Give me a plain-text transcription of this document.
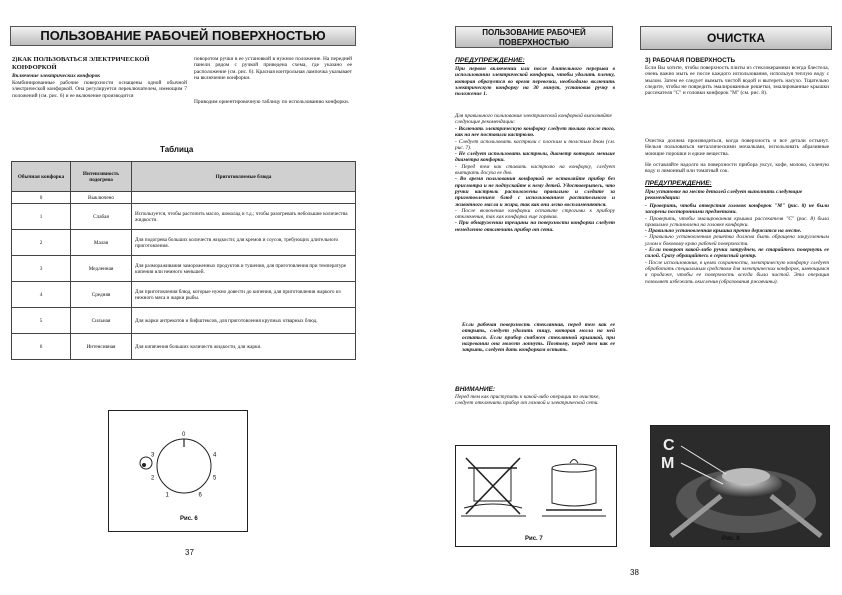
ПОЛЬЗОВАНИЕ РАБОЧЕЙ ПОВЕРХНОСТЬЮ
2)КАК ПОЛЬЗОВАТЬСЯ ЭЛЕКТРИЧЕСКОЙ КОНФОРКОЙ
Включение электрических конфорок
Комбинированные рабочие поверхности оснащены одной обычной электрической конфоркой. Она регулируется переключателем, имеющим 7 положений (см. рис. 6) и ее включение производится
поворотом ручки в ее установкой в нужное положение. На передней панели рядом с ручкой приведена схема, где указано ее расположение (см. рис. 6). Красная контрольная лампочка указывает на включение конфорки.
Приводим ориентировочную таблицу по использованию конфорки.
Таблица
Обычная конфорка	Интенсивность подогрева	Приготовляемые блюда
0	Выключено	
1	Слабая	Используется, чтобы растопить масло, шоколад и т.д.; чтобы разогревать небольшие количества жидкости.
2	Малая	Для подогрева больших количеств жидкости; для кремов и соусов, требующих длительного приготовления.
3	Медленная	Для размораживания замороженных продуктов и тушения, для приготовления при температуре кипения или немного меньшей.
4	Средняя	Для приготовления блюд, которые нужно довести до кипения, для приготовления жаркого из нежного мяса и жарки рыбы.
5	Сильная	Для жарки антрекотов и бифштексов, для приготовления крупных отварных блюд.
6	Интенсивная	Для кипячения больших количеств жидкости, для жарки.
1
2
3	4
5
6
0
Рис. 6
37
ПОЛЬЗОВАНИЕ РАБОЧЕЙ ПОВЕРХНОСТЬЮ
ПРЕДУПРЕЖДЕНИЕ:
При первом включении или после длительного перерыва в использовании электрической конфорки, чтобы удалить пленку, которая образуется во время перевозки, необходимо включить электрическую конфорку на 30 минут, установив ручку в положение 1.
Для правильного пользования электрической конфоркой выполняйте следующие рекомендации:

- Включать электрическую конфорку следует только после того, как на нее поставили кастрюлю.

- Следует использовать кастрюли с плоским и толстым дном (см. рис. 7).

- Не следует использовать кастрюли, диаметр которых меньше диаметра конфорки.

- Перед тем как ставить кастрюлю на конфорку, следует вытирать досуха ее дно.

- Во время пользования конфоркой не оставляйте прибор без присмотра и не подпускайте к нему детей. Удостоверьтесь, что ручки кастрюль расположены правильно и следите за приготовлением блюд с использованием растительного и животного масла и жира, так как они легко воспламеняются.

- После включения конфорки оставьте строгими к прибору отключения, так как конфорка еще горячая.

- При обнаружении трещины на поверхности конфорки следует немедленно отключить прибор от сети.

Если рабочая поверхность стеклянная, перед тем как ее открыть, следует удалить пищу, которая могла на ней остаться. Если прибор снабжен стеклянной крышкой, при нагревании она может лопнуть. Поэтому, перед тем как ее закрыть, следует дать конфоркам остыть.
ВНИМАНИЕ:
Перед тем как приступить к какой-либо операции по очистке, следует отключить прибор от газовой и электрической сети.
Рис. 7
ОЧИСТКА
3) РАБОЧАЯ ПОВЕРХНОСТЬ
Если Вы хотите, чтобы поверхность плиты из стеклокерамики всегда блестела, очень важно мыть ее после каждого использования, используя теплую воду с мылом. Затем ее следует вымыть чистой водой и вытереть насухо. Тщательно следите, чтобы не повредить эмалированные решетки, эмалированные крышки рассекателя "С" и головки конфорок "М" (см. рис. 8).
Очистка должна производиться, когда поверхность и все детали остынут. Нельзя пользоваться металлическими мочалками, использовать абразивные моющие порошки и едкие вещества.
Не оставляйте надолго на поверхности прибора уксус, кофе, молоко, соленую воду и лимонный или томатный сок.
ПРЕДУПРЕЖДЕНИЕ:
При установке на место деталей следует выполнить следующие рекомендации:

- Проверить, чтобы отверстия головок конфорок "М" (рис. 8) не были засорены посторонними предметами.

- Проверить, чтобы эмалированная крышка рассекателя "С" (рис. 8) была правильно установлена на головке конфорки.

- Правильно установленная крышка прочно держится на месте.

- Правильно установленная решетка должна быть обращена закругленным углом к боковому краю рабочей поверхности.

- Если поворот какой-либо ручки затруднен, не старайтесь повернуть ее силой. Сразу обращайтесь в сервисный центр.

- После использования, в целях сохранности, электрическую конфорку следует обработать специальным средством для электрических конфорок, имеющимся в продаже, чтобы ее поверхность всегда была чистой. Эта операция позволяет избежать окисления (образования ржавчины).

C
M
Рис. 8
38
